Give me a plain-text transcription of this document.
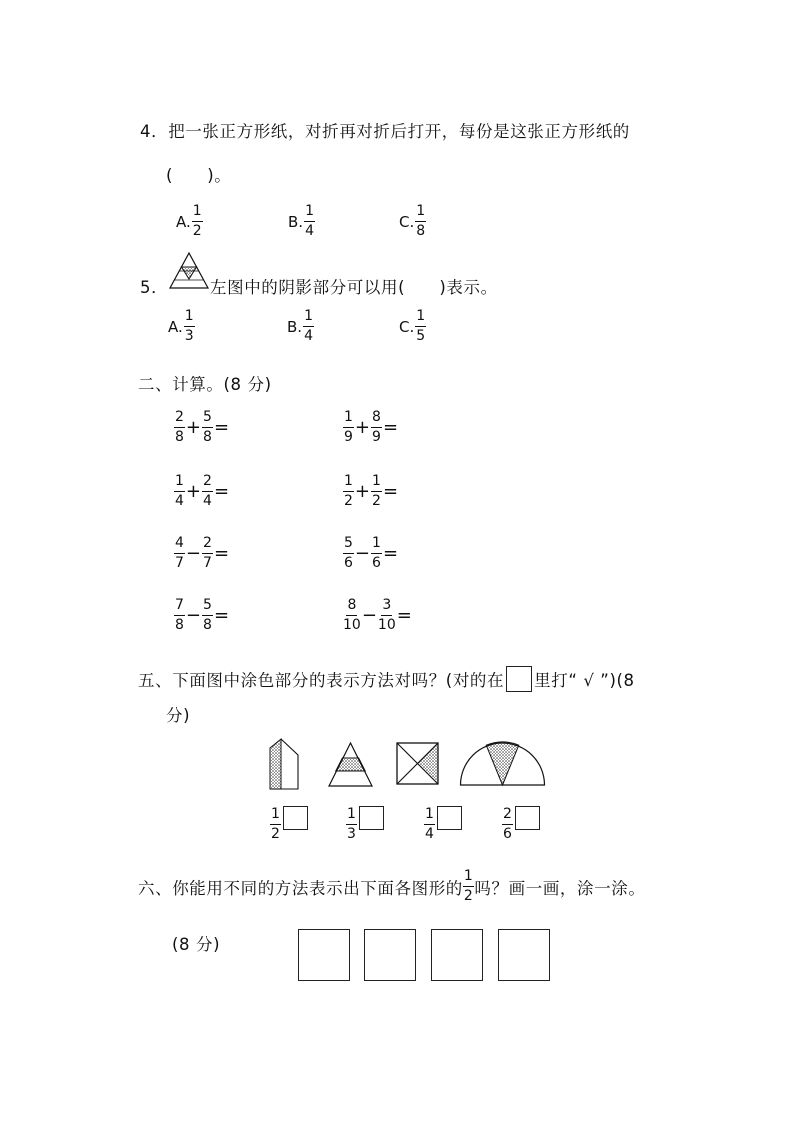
4．把一张正方形纸，对折再对折后打开，每份是这张正方形纸的
(　　)。
A. $\frac{1}{2}$	B. $\frac{1}{4}$	C. $\frac{1}{8}$
5．	左图中的阴影部分可以用(　　)表示。
A. $\frac{1}{3}$	B. $\frac{1}{4}$	C. $\frac{1}{5}$
二、计算。(8 分)
$\frac{2}{8} + \frac{5}{8}$ =	$\frac{1}{9} + \frac{8}{9}$ =
$\frac{1}{4} + \frac{2}{4}$ =	$\frac{1}{2} + \frac{1}{2}$ =
$\frac{4}{7} - \frac{2}{7}$ =	$\frac{5}{6} - \frac{1}{6}$ =
$\frac{7}{8} - \frac{5}{8}$ =	$\frac{8}{10} - \frac{3}{10}$ =
五、下面图中涂色部分的表示方法对吗？(对的在 里打“ √ ”)(8
分)
$\frac{1}{2}$	$\frac{1}{3}$	$\frac{1}{4}$	$\frac{2}{6}$
六、你能用不同的方法表示出下面各图形的 $\frac{1}{2}$ 吗？画一画，涂一涂。
(8 分)
